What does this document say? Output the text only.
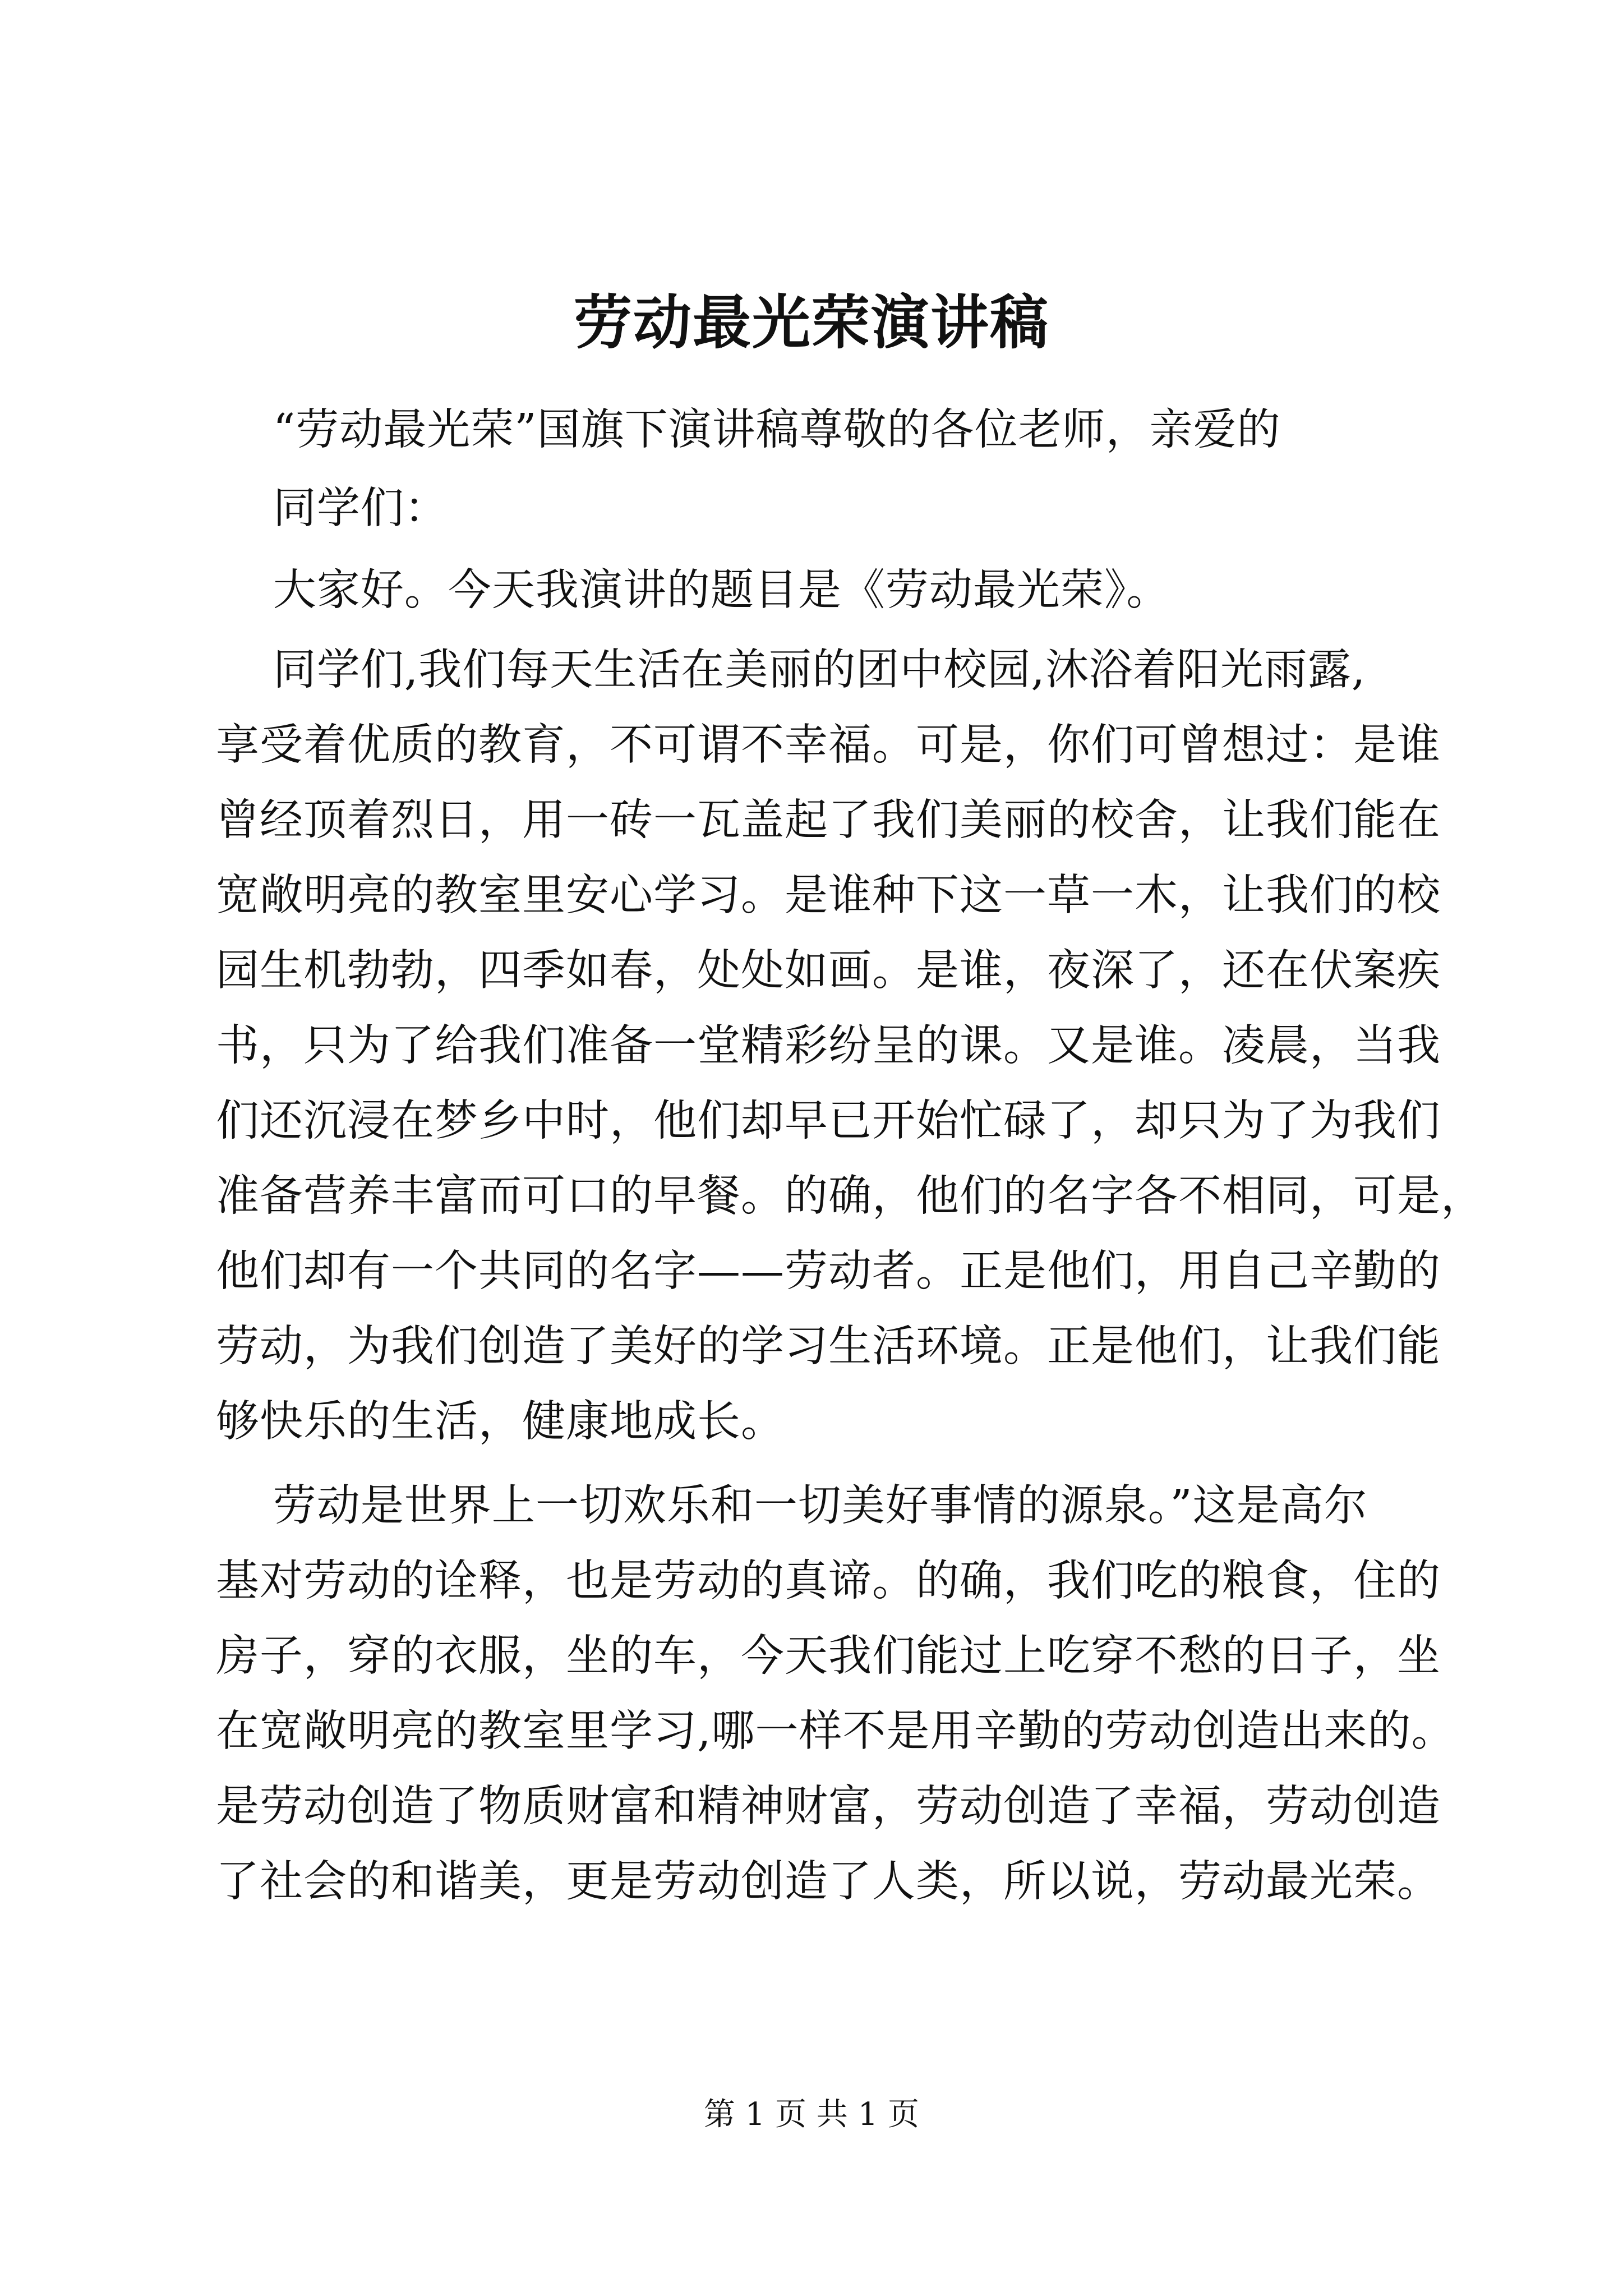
劳动最光荣演讲稿
“劳动最光荣”国旗下演讲稿尊敬的各位老师，亲爱的
同学们：
大家好。今天我演讲的题目是《劳动最光荣》。
同学们,我们每天生活在美丽的团中校园,沐浴着阳光雨露,
享受着优质的教育，不可谓不幸福。可是，你们可曾想过：是谁
曾经顶着烈日，用一砖一瓦盖起了我们美丽的校舍，让我们能在
宽敞明亮的教室里安心学习。是谁种下这一草一木，让我们的校
园生机勃勃，四季如春，处处如画。是谁，夜深了，还在伏案疾
书，只为了给我们准备一堂精彩纷呈的课。又是谁。凌晨，当我
们还沉浸在梦乡中时，他们却早已开始忙碌了，却只为了为我们
准备营养丰富而可口的早餐。的确，他们的名字各不相同，可是，
他们却有一个共同的名字——劳动者。正是他们，用自己辛勤的
劳动，为我们创造了美好的学习生活环境。正是他们，让我们能
够快乐的生活，健康地成长。
劳动是世界上一切欢乐和一切美好事情的源泉。”这是高尔
基对劳动的诠释，也是劳动的真谛。的确，我们吃的粮食，住的
房子，穿的衣服，坐的车，今天我们能过上吃穿不愁的日子，坐
在宽敞明亮的教室里学习,哪一样不是用辛勤的劳动创造出来的。
是劳动创造了物质财富和精神财富，劳动创造了幸福，劳动创造
了社会的和谐美，更是劳动创造了人类，所以说，劳动最光荣。
第 1 页 共 1 页
